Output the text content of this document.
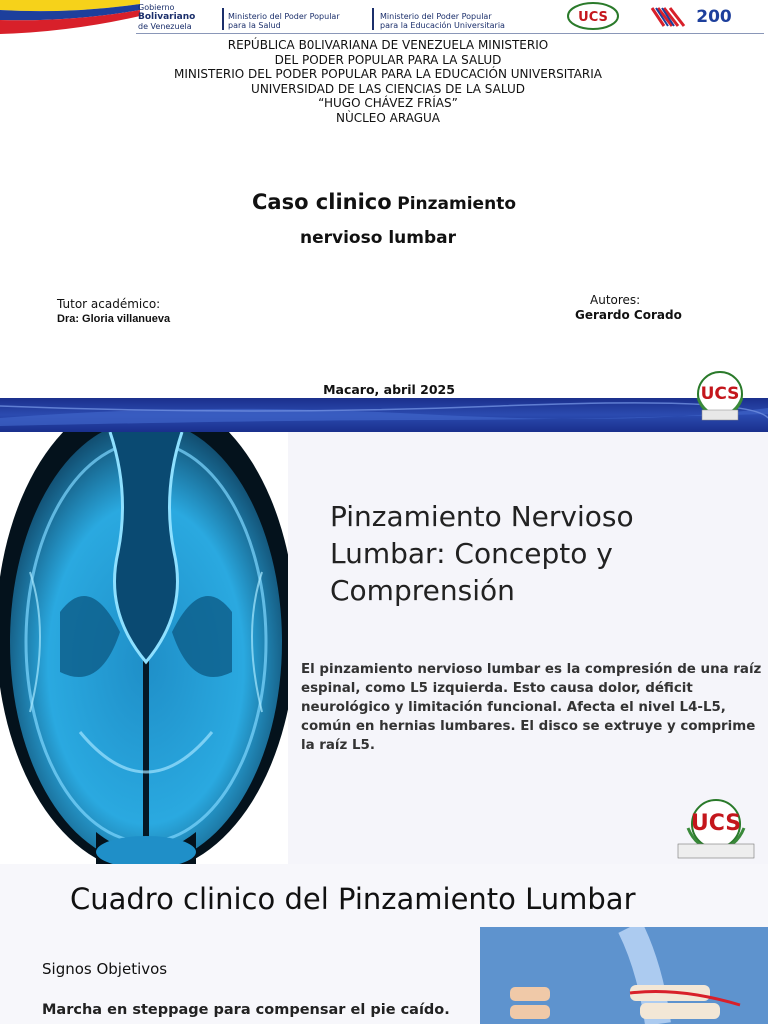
Gobierno
Bolivariano
de Venezuela
Ministerio del Poder Popular
para la Salud
Ministerio del Poder Popular
para la Educación Universitaria
UCS	200
REPÚBLICA B0LIVARIANA DE VENEZUELA MINISTERIO
DEL PODER POPULAR PARA LA SALUD
MINISTERIO DEL PODER POPULAR PARA LA EDUCACIÓN UNIVERSITARIA
UNIVERSIDAD DE LAS CIENCIAS DE LA SALUD
“HUGO CHÁVEZ FRÍAS”
NÙCLEO ARAGUA
Caso clinico Pinzamiento
nervioso lumbar
Tutor académico:
Dra: Gloria villanueva
Autores:
Gerardo Corado
Macaro, abril 2025	UCS
Pinzamiento Nervioso Lumbar: Concepto y Comprensión
El pinzamiento nervioso lumbar es la compresión de una raíz espinal, como L5 izquierda. Esto causa dolor, déficit neurológico y limitación funcional. Afecta el nivel L4-L5, común en hernias lumbares. El disco se extruye y comprime la raíz L5.
UCS
Cuadro clinico del Pinzamiento Lumbar
Signos Objetivos
Marcha en steppage para compensar el pie caído.
